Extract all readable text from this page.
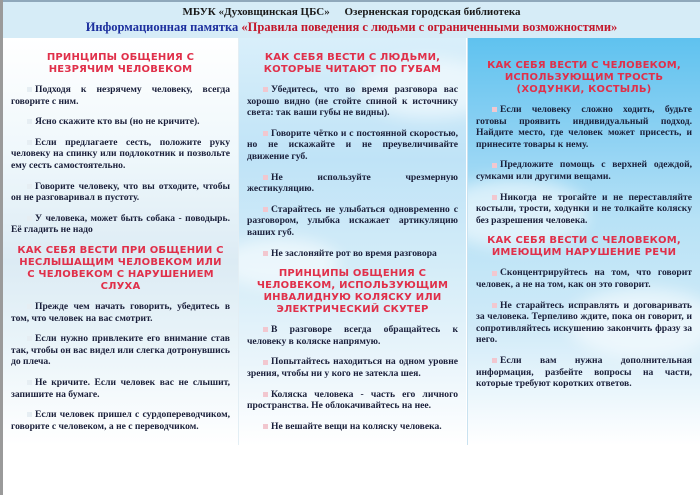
МБУК «Духовщинская ЦБС» Озерненская городская библиотека
Информационная памятка «Правила поведения с людьми с ограниченными возможностями»
ПРИНЦИПЫ ОБЩЕНИЯ С НЕЗРЯЧИМ ЧЕЛОВЕКОМ
Подходя к незрячему человеку, всегда говорите с ним.
Ясно скажите кто вы (но не кричите).
Если предлагаете сесть, положите руку человеку на спинку или подлокотник и позвольте ему сесть самостоятельно.
Говорите человеку, что вы отходите, чтобы он не разговаривал в пустоту.
У человека, может быть собака - поводырь. Её гладить не надо
КАК СЕБЯ ВЕСТИ ПРИ ОБЩЕНИИ С НЕСЛЫШАЩИМ ЧЕЛОВЕКОМ ИЛИ С ЧЕЛОВЕКОМ С НАРУШЕНИЕМ СЛУХА
Прежде чем начать говорить, убедитесь в том, что человек на вас смотрит.
Если нужно привлеките его внимание став так, чтобы он вас видел или слегка дотронувшись до плеча.
Не кричите. Если человек вас не слышит, запишите на бумаге.
Если человек пришел с сурдопереводчиком, говорите с человеком, а не с переводчиком.
КАК СЕБЯ ВЕСТИ С ЛЮДЬМИ, КОТОРЫЕ ЧИТАЮТ ПО ГУБАМ
Убедитесь, что во время разговора вас хорошо видно (не стойте спиной к источнику света: так ваши губы не видны).
Говорите чётко и с постоянной скоростью, но не искажайте и не преувеличивайте движение губ.
Не используйте чрезмерную жестикуляцию.
Старайтесь не улыбаться одновременно с разговором, улыбка искажает артикуляцию ваших губ.
Не заслоняйте рот во время разговора
ПРИНЦИПЫ ОБЩЕНИЯ С ЧЕЛОВЕКОМ, ИСПОЛЬЗУЮЩИМ ИНВАЛИДНУЮ КОЛЯСКУ ИЛИ ЭЛЕКТРИЧЕСКИЙ СКУТЕР
В разговоре всегда обращайтесь к человеку в коляске напрямую.
Попытайтесь находиться на одном уровне зрения, чтобы ни у кого не затекла шея.
Коляска человека - часть его личного пространства. Не облокачивайтесь на нее.
Не вешайте вещи на коляску человека.
КАК СЕБЯ ВЕСТИ С ЧЕЛОВЕКОМ, ИСПОЛЬЗУЮЩИМ ТРОСТЬ (ХОДУНКИ, КОСТЫЛЬ)
Если человеку сложно ходить, будьте готовы проявить индивидуальный подход. Найдите место, где человек может присесть, и принесите товары к нему.
Предложите помощь с верхней одеждой, сумками или другими вещами.
Никогда не трогайте и не переставляйте костыли, трости, ходунки и не толкайте коляску без разрешения человека.
КАК СЕБЯ ВЕСТИ С ЧЕЛОВЕКОМ, ИМЕЮЩИМ НАРУШЕНИЕ РЕЧИ
Сконцентрируйтесь на том, что говорит человек, а не на том, как он это говорит.
Не старайтесь исправлять и договаривать за человека. Терпеливо ждите, пока он говорит, и сопротивляйтесь искушению закончить фразу за него.
Если вам нужна дополнительная информация, разбейте вопросы на части, которые требуют коротких ответов.
